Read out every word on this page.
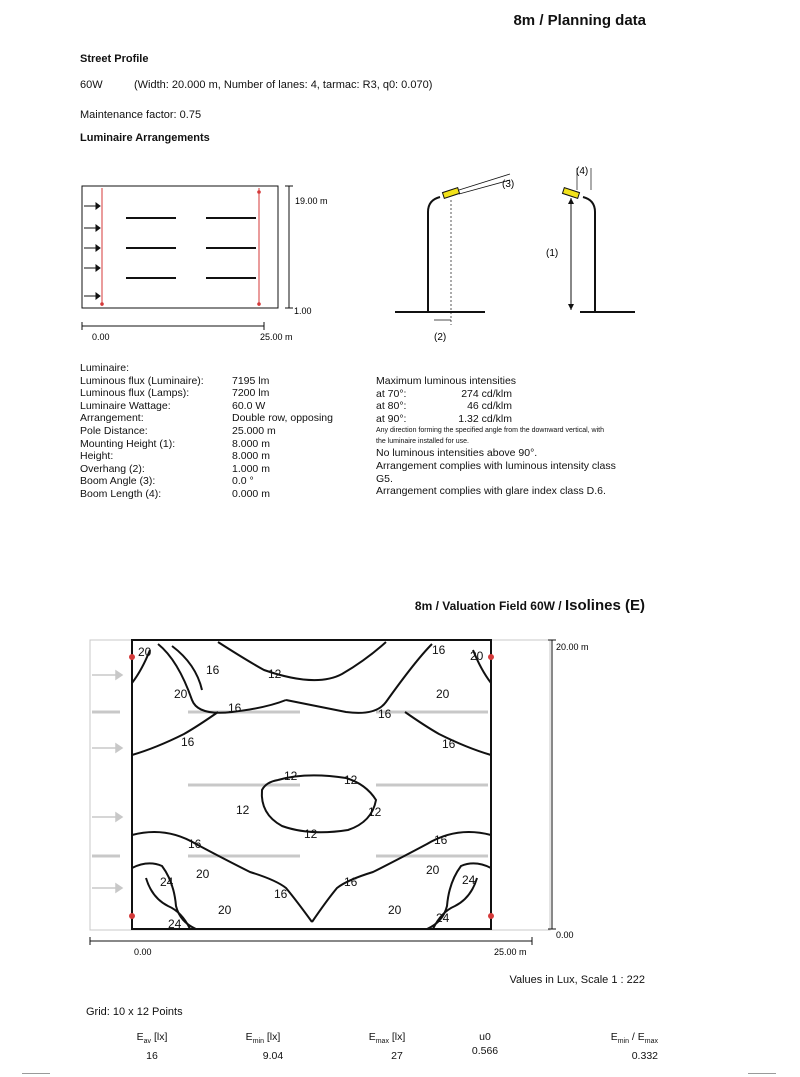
8m / Planning data
Street Profile
60W	(Width: 20.000 m, Number of lanes: 4, tarmac: R3, q0: 0.070)
Maintenance factor: 0.75
Luminaire Arrangements
19.00 m
1.00
0.00	25.00 m
(3)
(2)
(1)
(4)
Luminaire:
Luminous flux (Luminaire):	7195 lm
Luminous flux (Lamps):	7200 lm
Luminaire Wattage:	60.0 W
Arrangement:	Double row, opposing
Pole Distance:	25.000 m
Mounting Height (1):	8.000 m
Height:	8.000 m
Overhang (2):	1.000 m
Boom Angle (3):	0.0 °
Boom Length (4):	0.000 m
Maximum luminous intensities
at 70°:	274 cd/klm
at 80°:	46 cd/klm
at 90°:	1.32 cd/klm
Any direction forming the specified angle from the downward vertical, with
the luminaire installed for use.
No luminous intensities above 90°.
Arrangement complies with luminous intensity class
G5.
Arrangement complies with glare index class D.6.
8m / Valuation Field 60W / Isolines (E)
20
16	12
20
16
16
16 20
16
16
12	12
12	12
12
20
16	16
24
20
16
16
20
24
24
20
20
24
20.00 m
0.00
0.00	25.00 m
Values in Lux, Scale 1 : 222
Grid: 10 x 12 Points
$E_{av}$ [lx]
16
$E_{min}$ [lx]
9.04
$E_{max}$ [lx]
27
u0
0.566
$E_{min} / E_{max}$
0.332
